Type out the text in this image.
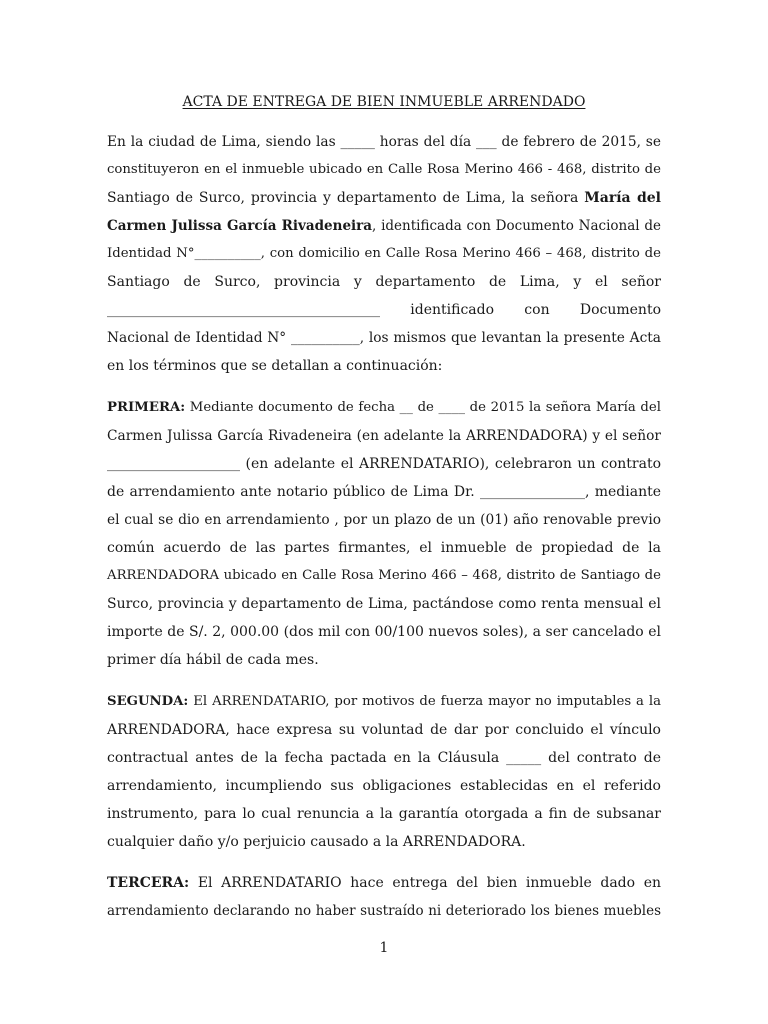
ACTA DE ENTREGA DE BIEN INMUEBLE ARRENDADO
En la ciudad de Lima, siendo las _____ horas del día ___ de febrero de 2015, se
constituyeron en el inmueble ubicado en Calle Rosa Merino 466 - 468, distrito de
Santiago de Surco, provincia y departamento de Lima, la señora María del
Carmen Julissa García Rivadeneira, identificada con Documento Nacional de
Identidad N°__________, con domicilio en Calle Rosa Merino 466 – 468, distrito de
Santiago de Surco, provincia y departamento de Lima, y el señor
_______________________________________ identificado con Documento
Nacional de Identidad N° __________, los mismos que levantan la presente Acta
en los términos que se detallan a continuación:
PRIMERA: Mediante documento de fecha __ de ____ de 2015 la señora María del
Carmen Julissa García Rivadeneira (en adelante la ARRENDADORA) y el señor
___________________ (en adelante el ARRENDATARIO), celebraron un contrato
de arrendamiento ante notario público de Lima Dr. _______________, mediante
el cual se dio en arrendamiento , por un plazo de un (01) año renovable previo
común acuerdo de las partes firmantes, el inmueble de propiedad de la
ARRENDADORA ubicado en Calle Rosa Merino 466 – 468, distrito de Santiago de
Surco, provincia y departamento de Lima, pactándose como renta mensual el
importe de S/. 2, 000.00 (dos mil con 00/100 nuevos soles), a ser cancelado el
primer día hábil de cada mes.
SEGUNDA: El ARRENDATARIO, por motivos de fuerza mayor no imputables a la
ARRENDADORA, hace expresa su voluntad de dar por concluido el vínculo
contractual antes de la fecha pactada en la Cláusula _____ del contrato de
arrendamiento, incumpliendo sus obligaciones establecidas en el referido
instrumento, para lo cual renuncia a la garantía otorgada a fin de subsanar
cualquier daño y/o perjuicio causado a la ARRENDADORA.
TERCERA: El ARRENDATARIO hace entrega del bien inmueble dado en
arrendamiento declarando no haber sustraído ni deteriorado los bienes muebles
1
